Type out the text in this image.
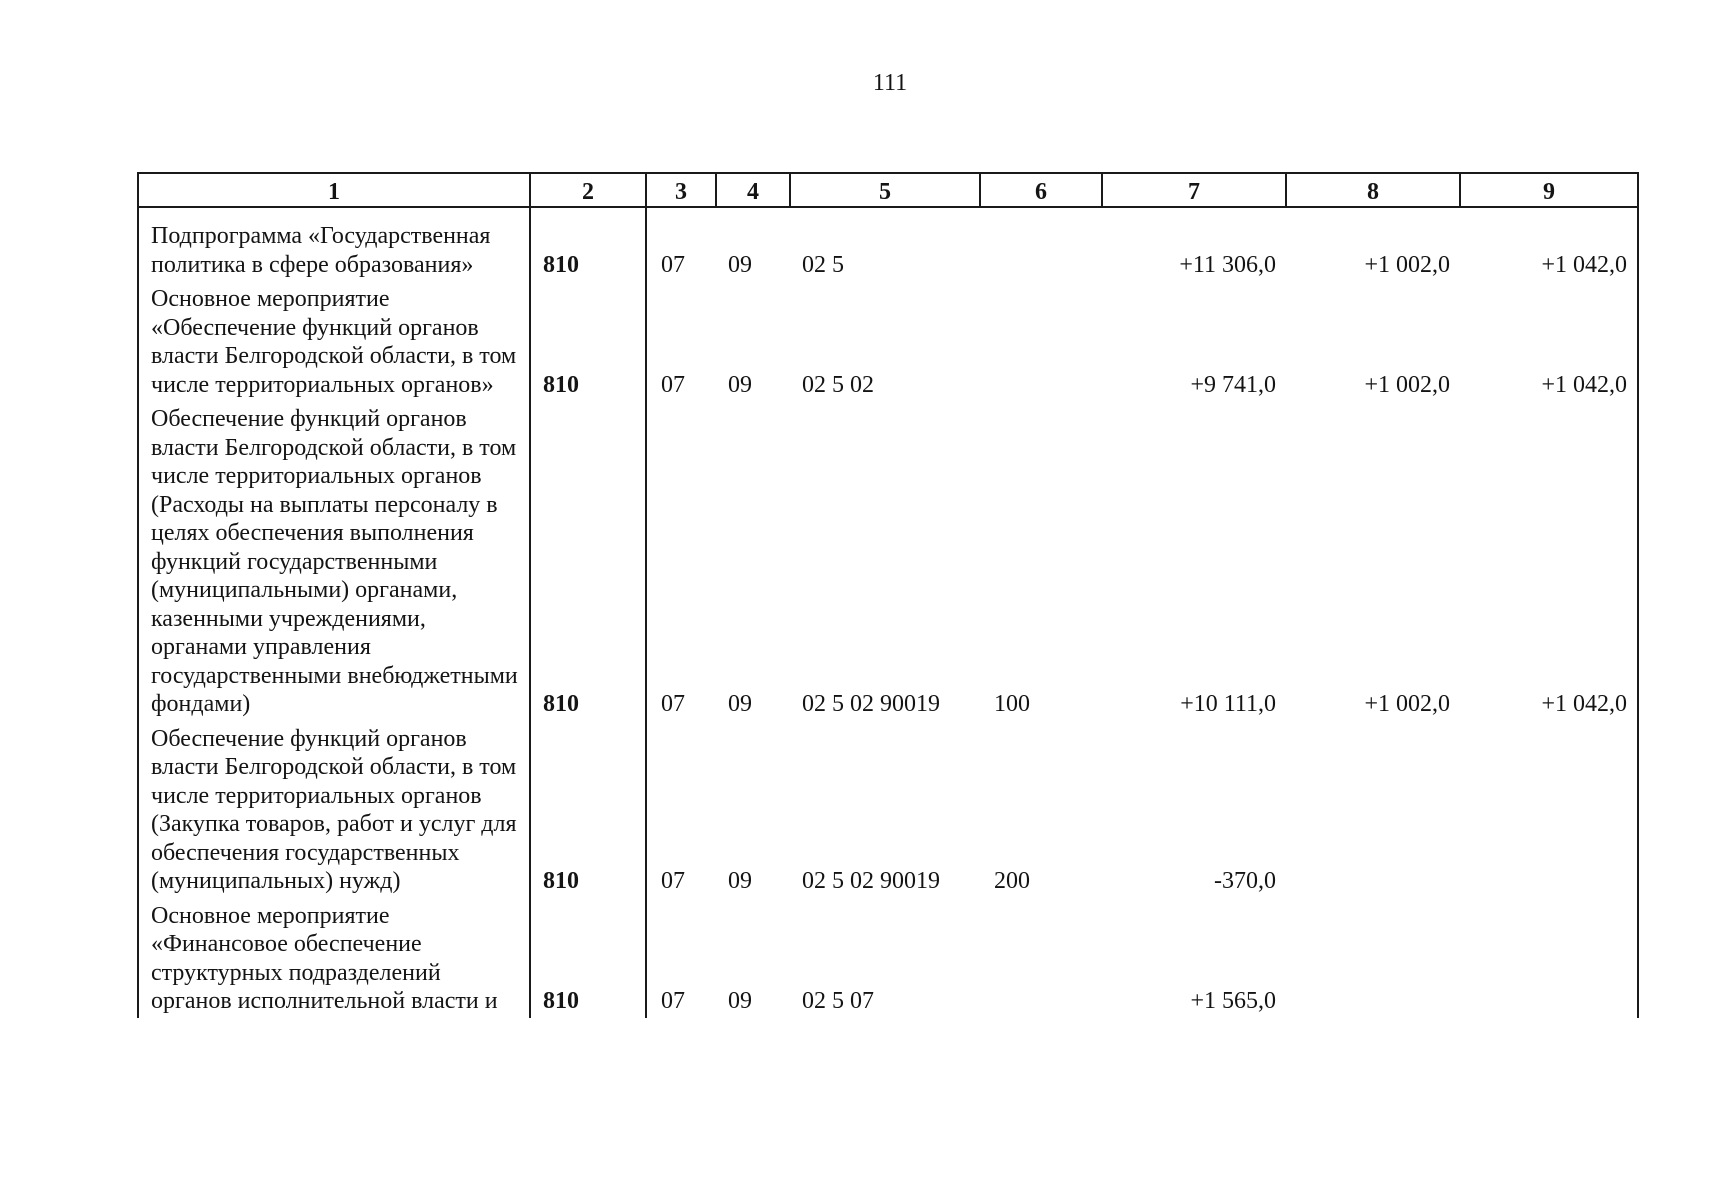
111
1	2	3	4	5	6	7	8	9
Подпрограмма «Государственная политика в сфере образования»	810	07	09	02 5		+11 306,0	+1 002,0	+1 042,0
Основное мероприятие «Обеспечение функций органов власти Белгородской области, в том числе территориальных органов»	810	07	09	02 5 02		+9 741,0	+1 002,0	+1 042,0
Обеспечение функций органов власти Белгородской области, в том числе территориальных органов (Расходы на выплаты персоналу в целях обеспечения выполнения функций государственными (муниципальными) органами, казенными учреждениями, органами управления государственными внебюджетными фондами)	810	07	09	02 5 02 90019	100	+10 111,0	+1 002,0	+1 042,0
Обеспечение функций органов власти Белгородской области, в том числе территориальных органов (Закупка товаров, работ и услуг для обеспечения государственных (муниципальных) нужд)	810	07	09	02 5 02 90019	200	-370,0		
Основное мероприятие «Финансовое обеспечение структурных подразделений органов исполнительной власти и	810	07	09	02 5 07		+1 565,0		
